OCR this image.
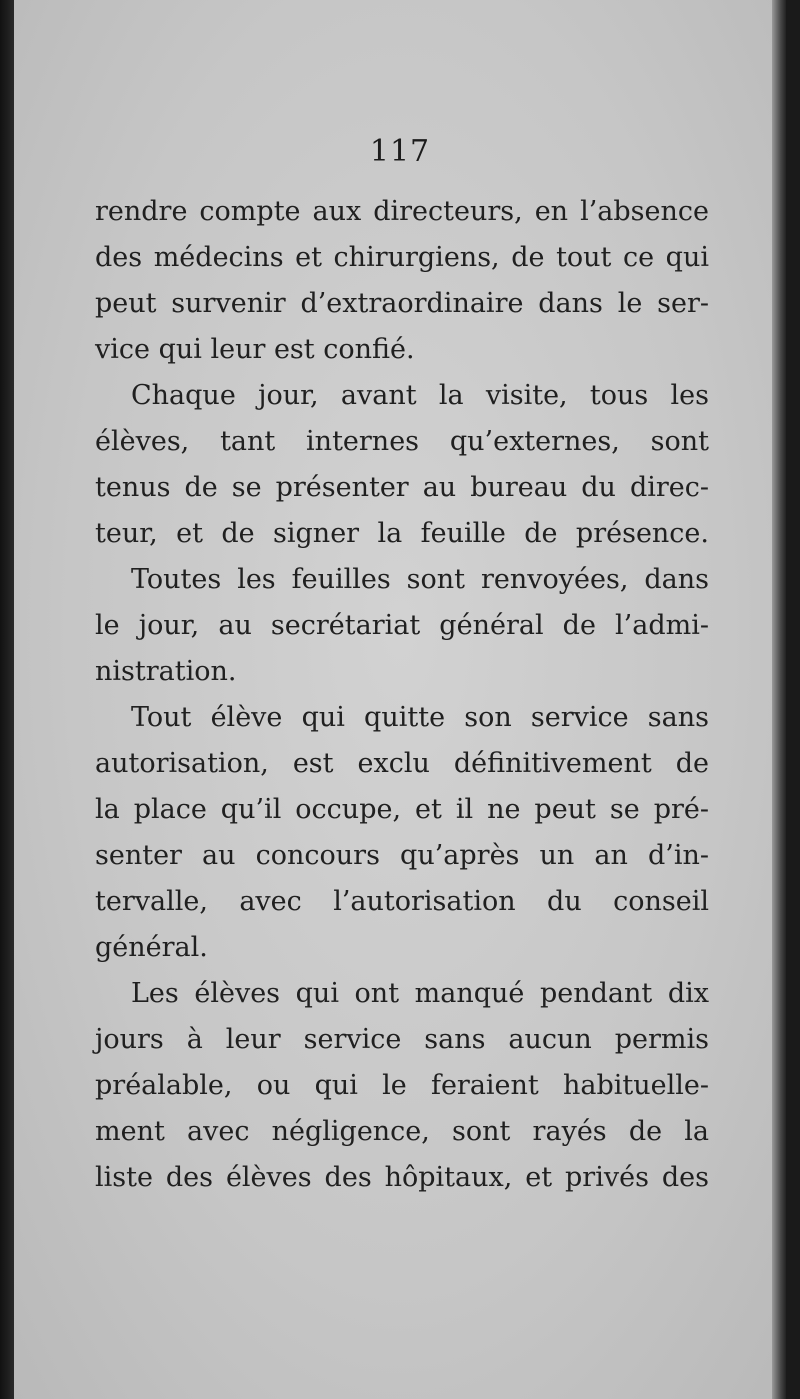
117
rendre compte aux directeurs, en l’absence
des médecins et chirurgiens, de tout ce qui
peut survenir d’extraordinaire dans le ser-
vice qui leur est confié.
Chaque jour, avant la visite, tous les
élèves, tant internes qu’externes, sont
tenus de se présenter au bureau du direc-
teur, et de signer la feuille de présence.
Toutes les feuilles sont renvoyées, dans
le jour, au secrétariat général de l’admi-
nistration.
Tout élève qui quitte son service sans
autorisation, est exclu définitivement de
la place qu’il occupe, et il ne peut se pré-
senter au concours qu’après un an d’in-
tervalle, avec l’autorisation du conseil
général.
Les élèves qui ont manqué pendant dix
jours à leur service sans aucun permis
préalable, ou qui le feraient habituelle-
ment avec négligence, sont rayés de la
liste des élèves des hôpitaux, et privés des
